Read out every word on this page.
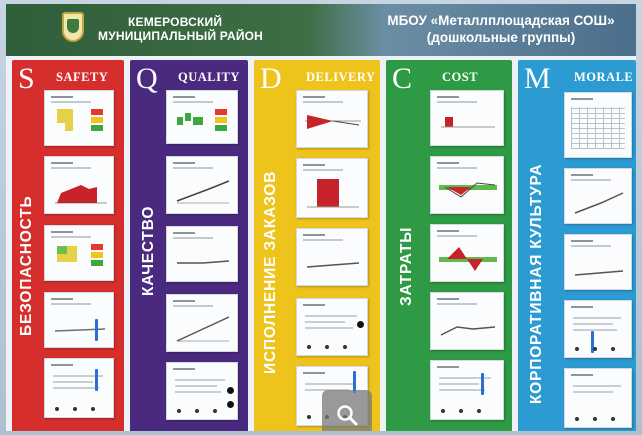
КЕМЕРОВСКИЙ
МУНИЦИПАЛЬНЫЙ РАЙОН
МБОУ «Металлплощадская СОШ»
(дошкольные группы)
S SAFETY
БЕЗОПАСНОСТЬ
Q QUALITY
КАЧЕСТВО
D DELIVERY
ИСПОЛНЕНИЕ ЗАКАЗОВ
C COST
ЗАТРАТЫ
M MORALE
КОРПОРАТИВНАЯ КУЛЬТУРА
